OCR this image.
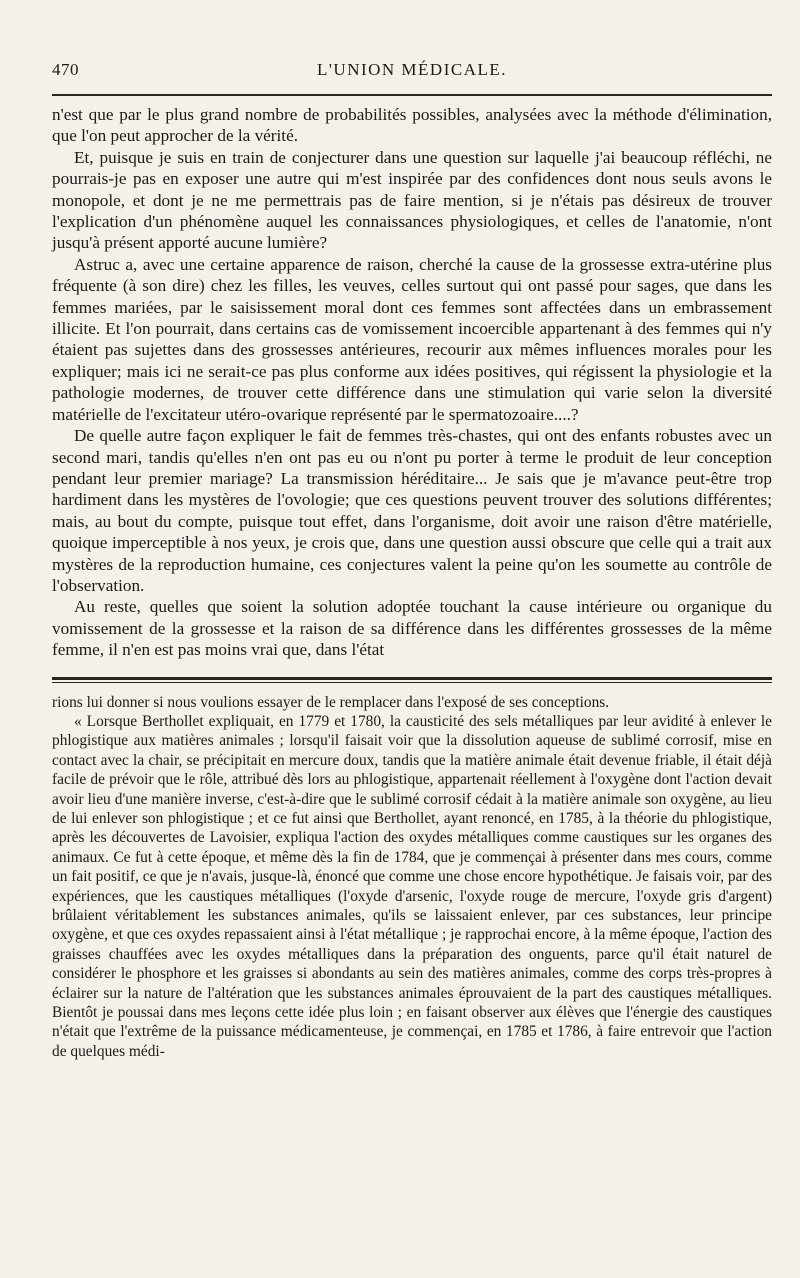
470	L'UNION MÉDICALE.

n'est que par le plus grand nombre de probabilités possibles, analysées avec la méthode d'élimination, que l'on peut approcher de la vérité.

Et, puisque je suis en train de conjecturer dans une question sur laquelle j'ai beaucoup réfléchi, ne pourrais-je pas en exposer une autre qui m'est inspirée par des confidences dont nous seuls avons le monopole, et dont je ne me permettrais pas de faire mention, si je n'étais pas désireux de trouver l'explication d'un phénomène auquel les connaissances physiologiques, et celles de l'anatomie, n'ont jusqu'à présent apporté aucune lumière?

Astruc a, avec une certaine apparence de raison, cherché la cause de la grossesse extra-utérine plus fréquente (à son dire) chez les filles, les veuves, celles surtout qui ont passé pour sages, que dans les femmes mariées, par le saisissement moral dont ces femmes sont affectées dans un embrassement illicite. Et l'on pourrait, dans certains cas de vomissement incoercible appartenant à des femmes qui n'y étaient pas sujettes dans des grossesses antérieures, recourir aux mêmes influences morales pour les expliquer; mais ici ne serait-ce pas plus conforme aux idées positives, qui régissent la physiologie et la pathologie modernes, de trouver cette différence dans une stimulation qui varie selon la diversité matérielle de l'excitateur utéro-ovarique représenté par le spermatozoaire....?

De quelle autre façon expliquer le fait de femmes très-chastes, qui ont des enfants robustes avec un second mari, tandis qu'elles n'en ont pas eu ou n'ont pu porter à terme le produit de leur conception pendant leur premier mariage? La transmission héréditaire... Je sais que je m'avance peut-être trop hardiment dans les mystères de l'ovologie; que ces questions peuvent trouver des solutions différentes; mais, au bout du compte, puisque tout effet, dans l'organisme, doit avoir une raison d'être matérielle, quoique imperceptible à nos yeux, je crois que, dans une question aussi obscure que celle qui a trait aux mystères de la reproduction humaine, ces conjectures valent la peine qu'on les soumette au contrôle de l'observation.

Au reste, quelles que soient la solution adoptée touchant la cause intérieure ou organique du vomissement de la grossesse et la raison de sa différence dans les différentes grossesses de la même femme, il n'en est pas moins vrai que, dans l'état

rions lui donner si nous voulions essayer de le remplacer dans l'exposé de ses conceptions.

« Lorsque Berthollet expliquait, en 1779 et 1780, la causticité des sels métalliques par leur avidité à enlever le phlogistique aux matières animales ; lorsqu'il faisait voir que la dissolution aqueuse de sublimé corrosif, mise en contact avec la chair, se précipitait en mercure doux, tandis que la matière animale était devenue friable, il était déjà facile de prévoir que le rôle, attribué dès lors au phlogistique, appartenait réellement à l'oxygène dont l'action devait avoir lieu d'une manière inverse, c'est-à-dire que le sublimé corrosif cédait à la matière animale son oxygène, au lieu de lui enlever son phlogistique ; et ce fut ainsi que Berthollet, ayant renoncé, en 1785, à la théorie du phlogistique, après les découvertes de Lavoisier, expliqua l'action des oxydes métalliques comme caustiques sur les organes des animaux. Ce fut à cette époque, et même dès la fin de 1784, que je commençai à présenter dans mes cours, comme un fait positif, ce que je n'avais, jusque-là, énoncé que comme une chose encore hypothétique. Je faisais voir, par des expériences, que les caustiques métalliques (l'oxyde d'arsenic, l'oxyde rouge de mercure, l'oxyde gris d'argent) brûlaient véritablement les substances animales, qu'ils se laissaient enlever, par ces substances, leur principe oxygène, et que ces oxydes repassaient ainsi à l'état métallique ; je rapprochai encore, à la même époque, l'action des graisses chauffées avec les oxydes métalliques dans la préparation des onguents, parce qu'il était naturel de considérer le phosphore et les graisses si abondants au sein des matières animales, comme des corps très-propres à éclairer sur la nature de l'altération que les substances animales éprouvaient de la part des caustiques métalliques. Bientôt je poussai dans mes leçons cette idée plus loin ; en faisant observer aux élèves que l'énergie des caustiques n'était que l'extrême de la puissance médicamenteuse, je commençai, en 1785 et 1786, à faire entrevoir que l'action de quelques médi-
